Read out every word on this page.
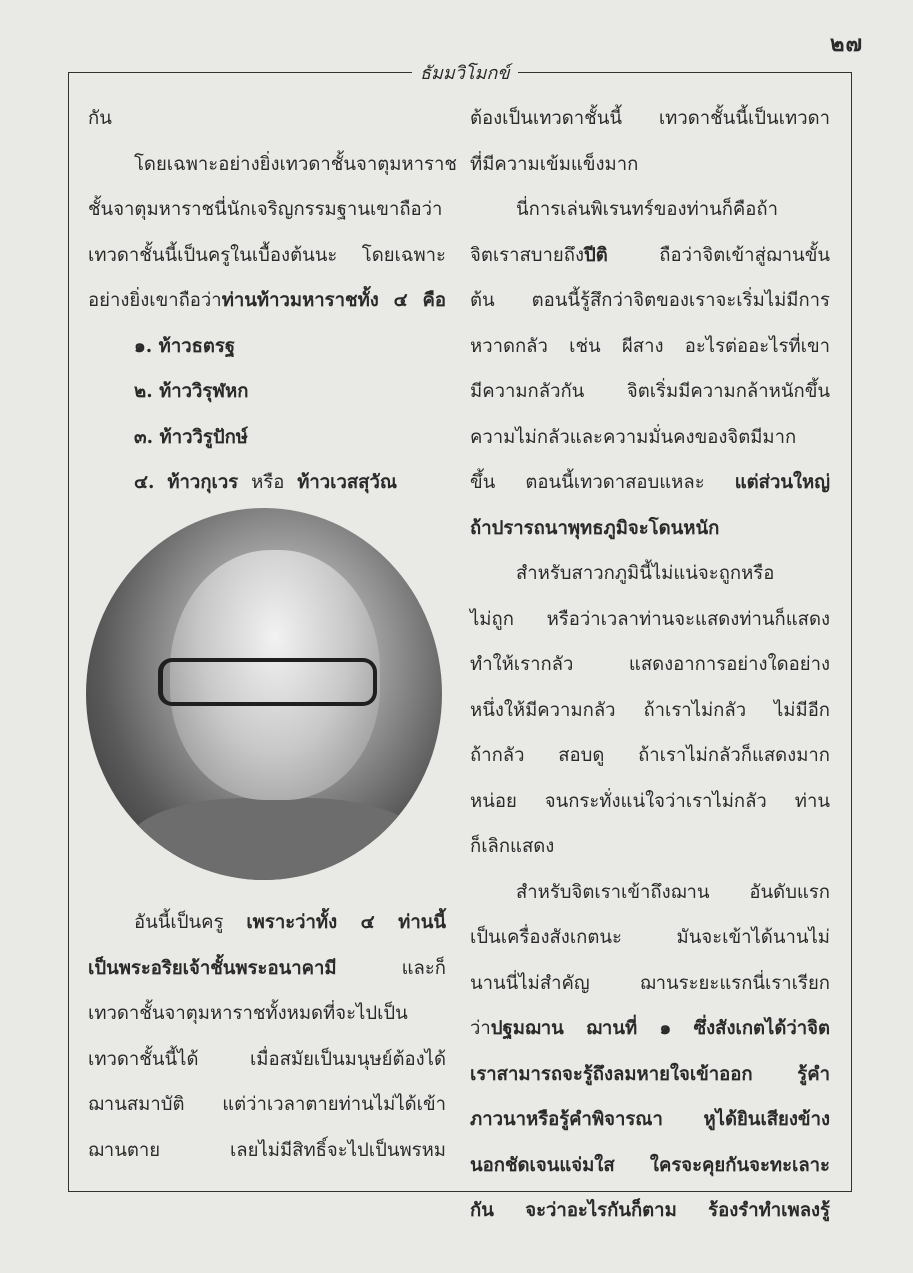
๒๗
ธัมมวิโมกข์
กัน
โดยเฉพาะอย่างยิ่งเทวดาชั้นจาตุมหาราช
ชั้นจาตุมหาราชนี่นักเจริญกรรมฐานเขาถือว่า
เทวดาชั้นนี้เป็นครูในเบื้องต้นนะ โดยเฉพาะ
อย่างยิ่งเขาถือว่าท่านท้าวมหาราชทั้ง ๔ คือ
๑. ท้าวธตรฐ
๒. ท้าววิรุฬหก
๓. ท้าววิรูปักษ์
๔. ท้าวกุเวร หรือ ท้าวเวสสุวัณ
อันนี้เป็นครู เพราะว่าทั้ง ๔ ท่านนี้
เป็นพระอริยเจ้าชั้นพระอนาคามี และก็
เทวดาชั้นจาตุมหาราชทั้งหมดที่จะไปเป็น
เทวดาชั้นนี้ได้ เมื่อสมัยเป็นมนุษย์ต้องได้
ฌานสมาบัติ แต่ว่าเวลาตายท่านไม่ได้เข้า
ฌานตาย เลยไม่มีสิทธิ์จะไปเป็นพรหม
ต้องเป็นเทวดาชั้นนี้ เทวดาชั้นนี้เป็นเทวดา
ที่มีความเข้มแข็งมาก
นี่การเล่นพิเรนทร์ของท่านก็คือถ้า
จิตเราสบายถึงปีติ ถือว่าจิตเข้าสู่ฌานขั้น
ต้น ตอนนี้รู้สึกว่าจิตของเราจะเริ่มไม่มีการ
หวาดกลัว เช่น ผีสาง อะไรต่ออะไรที่เขา
มีความกลัวกัน จิตเริ่มมีความกล้าหนักขึ้น
ความไม่กลัวและความมั่นคงของจิตมีมาก
ขึ้น ตอนนี้เทวดาสอบแหละ แต่ส่วนใหญ่
ถ้าปรารถนาพุทธภูมิจะโดนหนัก
สำหรับสาวกภูมินี้ไม่แน่จะถูกหรือ
ไม่ถูก หรือว่าเวลาท่านจะแสดงท่านก็แสดง
ทำให้เรากลัว แสดงอาการอย่างใดอย่าง
หนึ่งให้มีความกลัว ถ้าเราไม่กลัว ไม่มีอีก
ถ้ากลัว สอบดู ถ้าเราไม่กลัวก็แสดงมาก
หน่อย จนกระทั่งแน่ใจว่าเราไม่กลัว ท่าน
ก็เลิกแสดง
สำหรับจิตเราเข้าถึงฌาน อันดับแรก
เป็นเครื่องสังเกตนะ มันจะเข้าได้นานไม่
นานนี่ไม่สำคัญ ฌานระยะแรกนี่เราเรียก
ว่าปฐมฌาน ฌานที่ ๑ ซึ่งสังเกตได้ว่าจิต
เราสามารถจะรู้ถึงลมหายใจเข้าออก รู้คำ
ภาวนาหรือรู้คำพิจารณา หูได้ยินเสียงข้าง
นอกชัดเจนแจ่มใส ใครจะคุยกันจะทะเลาะ
กัน จะว่าอะไรกันก็ตาม ร้องรำทำเพลงรู้
